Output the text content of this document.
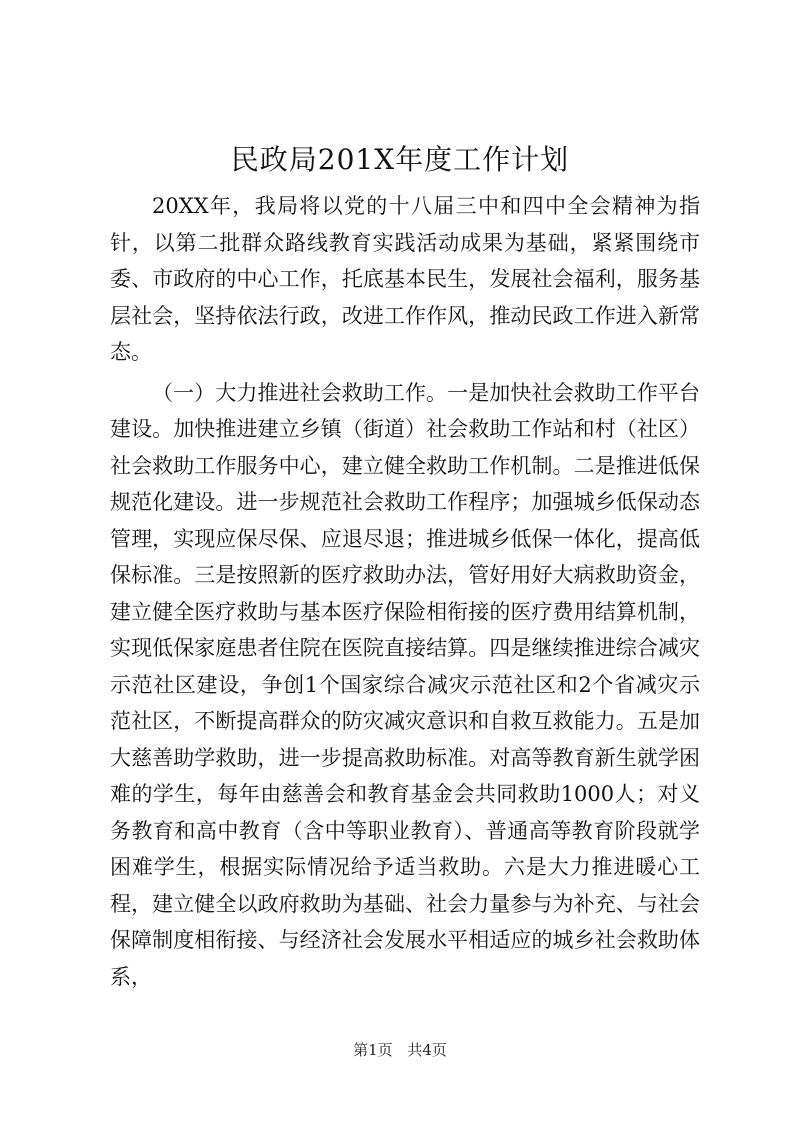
民政局201X年度工作计划

20XX年，我局将以党的十八届三中和四中全会精神为指针，以第二批群众路线教育实践活动成果为基础，紧紧围绕市委、市政府的中心工作，托底基本民生，发展社会福利，服务基层社会，坚持依法行政，改进工作作风，推动民政工作进入新常态。

（一）大力推进社会救助工作。一是加快社会救助工作平台建设。加快推进建立乡镇（街道）社会救助工作站和村（社区）社会救助工作服务中心，建立健全救助工作机制。二是推进低保规范化建设。进一步规范社会救助工作程序；加强城乡低保动态管理，实现应保尽保、应退尽退；推进城乡低保一体化，提高低保标准。三是按照新的医疗救助办法，管好用好大病救助资金，建立健全医疗救助与基本医疗保险相衔接的医疗费用结算机制，实现低保家庭患者住院在医院直接结算。四是继续推进综合减灾示范社区建设，争创1个国家综合减灾示范社区和2个省减灾示范社区，不断提高群众的防灾减灾意识和自救互救能力。五是加大慈善助学救助，进一步提高救助标准。对高等教育新生就学困难的学生，每年由慈善会和教育基金会共同救助1000人；对义务教育和高中教育（含中等职业教育）、普通高等教育阶段就学困难学生，根据实际情况给予适当救助。六是大力推进暖心工程，建立健全以政府救助为基础、社会力量参与为补充、与社会保障制度相衔接、与经济社会发展水平相适应的城乡社会救助体系，

第1页 共4页
